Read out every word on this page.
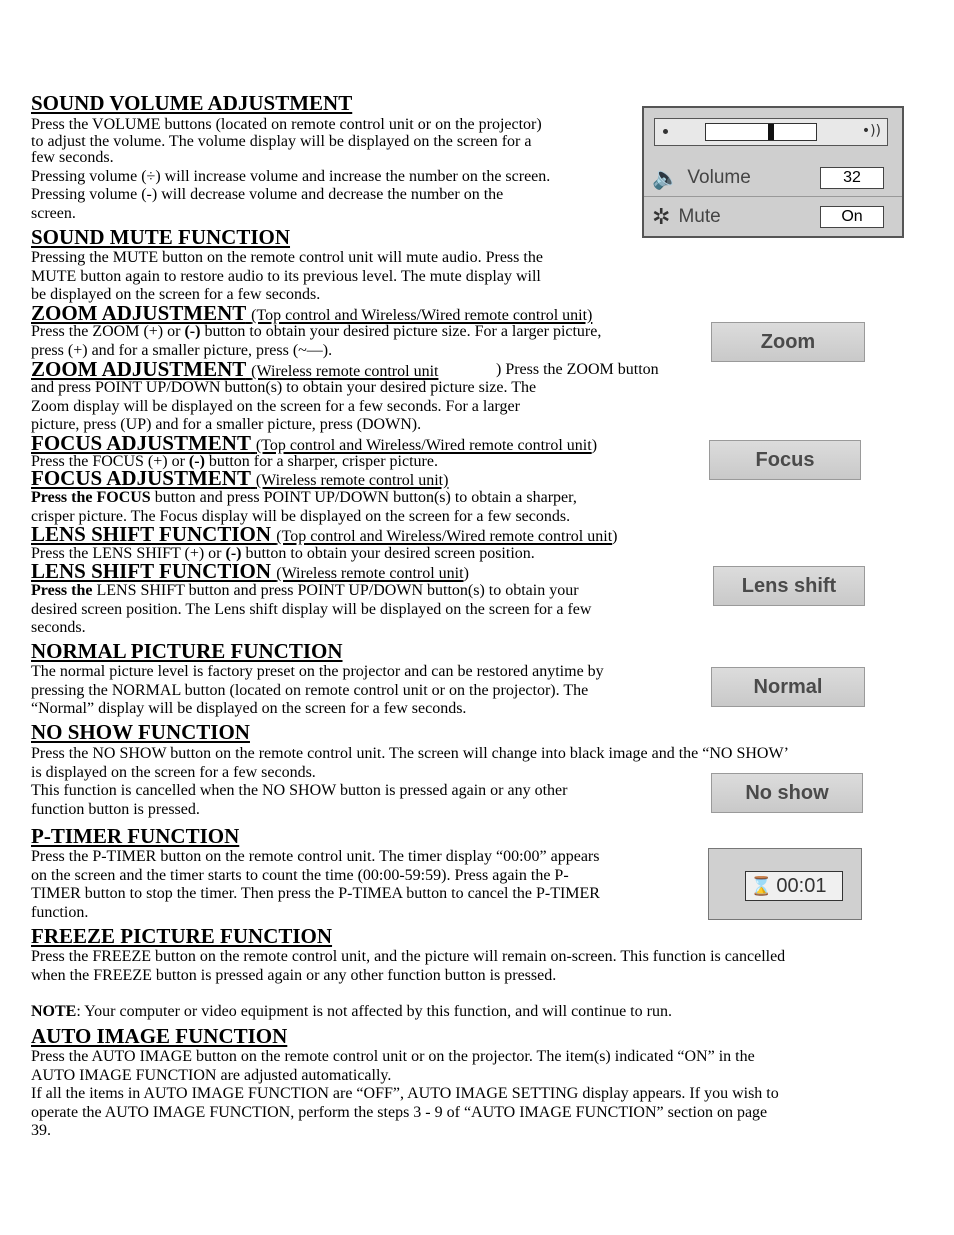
SOUND VOLUME ADJUSTMENT
Press the VOLUME buttons (located on remote control unit or on the projector)
to adjust the volume. The volume display will be displayed on the screen for a
few seconds.
Pressing volume (÷) will increase volume and increase the number on the screen.
Pressing volume (-) will decrease volume and decrease the number on the
screen.
•))
🔈 Volume	32
✲ Mute	On
SOUND MUTE FUNCTION
Pressing the MUTE button on the remote control unit will mute audio. Press the
MUTE button again to restore audio to its previous level. The mute display will
be displayed on the screen for a few seconds.
ZOOM ADJUSTMENT (Top control and Wireless/Wired remote control unit)
Press the ZOOM (+) or (-) button to obtain your desired picture size. For a larger picture,
press (+) and for a smaller picture, press (~—).
ZOOM ADJUSTMENT (Wireless remote control unit	) Press the ZOOM button
and press POINT UP/DOWN button(s) to obtain your desired picture size. The
Zoom display will be displayed on the screen for a few seconds. For a larger
picture, press (UP) and for a smaller picture, press (DOWN).
Zoom
FOCUS ADJUSTMENT (Top control and Wireless/Wired remote control unit)
Press the FOCUS (+) or (-) button for a sharper, crisper picture.
FOCUS ADJUSTMENT (Wireless remote control unit)
Press the FOCUS button and press POINT UP/DOWN button(s) to obtain a sharper,
crisper picture. The Focus display will be displayed on the screen for a few seconds.
Focus
LENS SHIFT FUNCTION (Top control and Wireless/Wired remote control unit)
Press the LENS SHIFT (+) or (-) button to obtain your desired screen position.
LENS SHIFT FUNCTION (Wireless remote control unit)
Press the LENS SHIFT button and press POINT UP/DOWN button(s) to obtain your
desired screen position. The Lens shift display will be displayed on the screen for a few
seconds.
Lens shift
NORMAL PICTURE FUNCTION
The normal picture level is factory preset on the projector and can be restored anytime by
pressing the NORMAL button (located on remote control unit or on the projector). The
“Normal” display will be displayed on the screen for a few seconds.
Normal
NO SHOW FUNCTION
Press the NO SHOW button on the remote control unit. The screen will change into black image and the “NO SHOW’
is displayed on the screen for a few seconds.
This function is cancelled when the NO SHOW button is pressed again or any other
function button is pressed.
No show
P-TIMER FUNCTION
Press the P-TIMER button on the remote control unit. The timer display “00:00” appears
on the screen and the timer starts to count the time (00:00-59:59). Press again the P-
TIMER button to stop the timer. Then press the P-TIMEA button to cancel the P-TIMER
function.
⌛ 00:01
FREEZE PICTURE FUNCTION
Press the FREEZE button on the remote control unit, and the picture will remain on-screen. This function is cancelled
when the FREEZE button is pressed again or any other function button is pressed.
NOTE: Your computer or video equipment is not affected by this function, and will continue to run.
AUTO IMAGE FUNCTION
Press the AUTO IMAGE button on the remote control unit or on the projector. The item(s) indicated “ON” in the
AUTO IMAGE FUNCTION are adjusted automatically.
If all the items in AUTO IMAGE FUNCTION are “OFF”, AUTO IMAGE SETTING display appears. If you wish to
operate the AUTO IMAGE FUNCTION, perform the steps 3 - 9 of “AUTO IMAGE FUNCTION” section on page
39.
